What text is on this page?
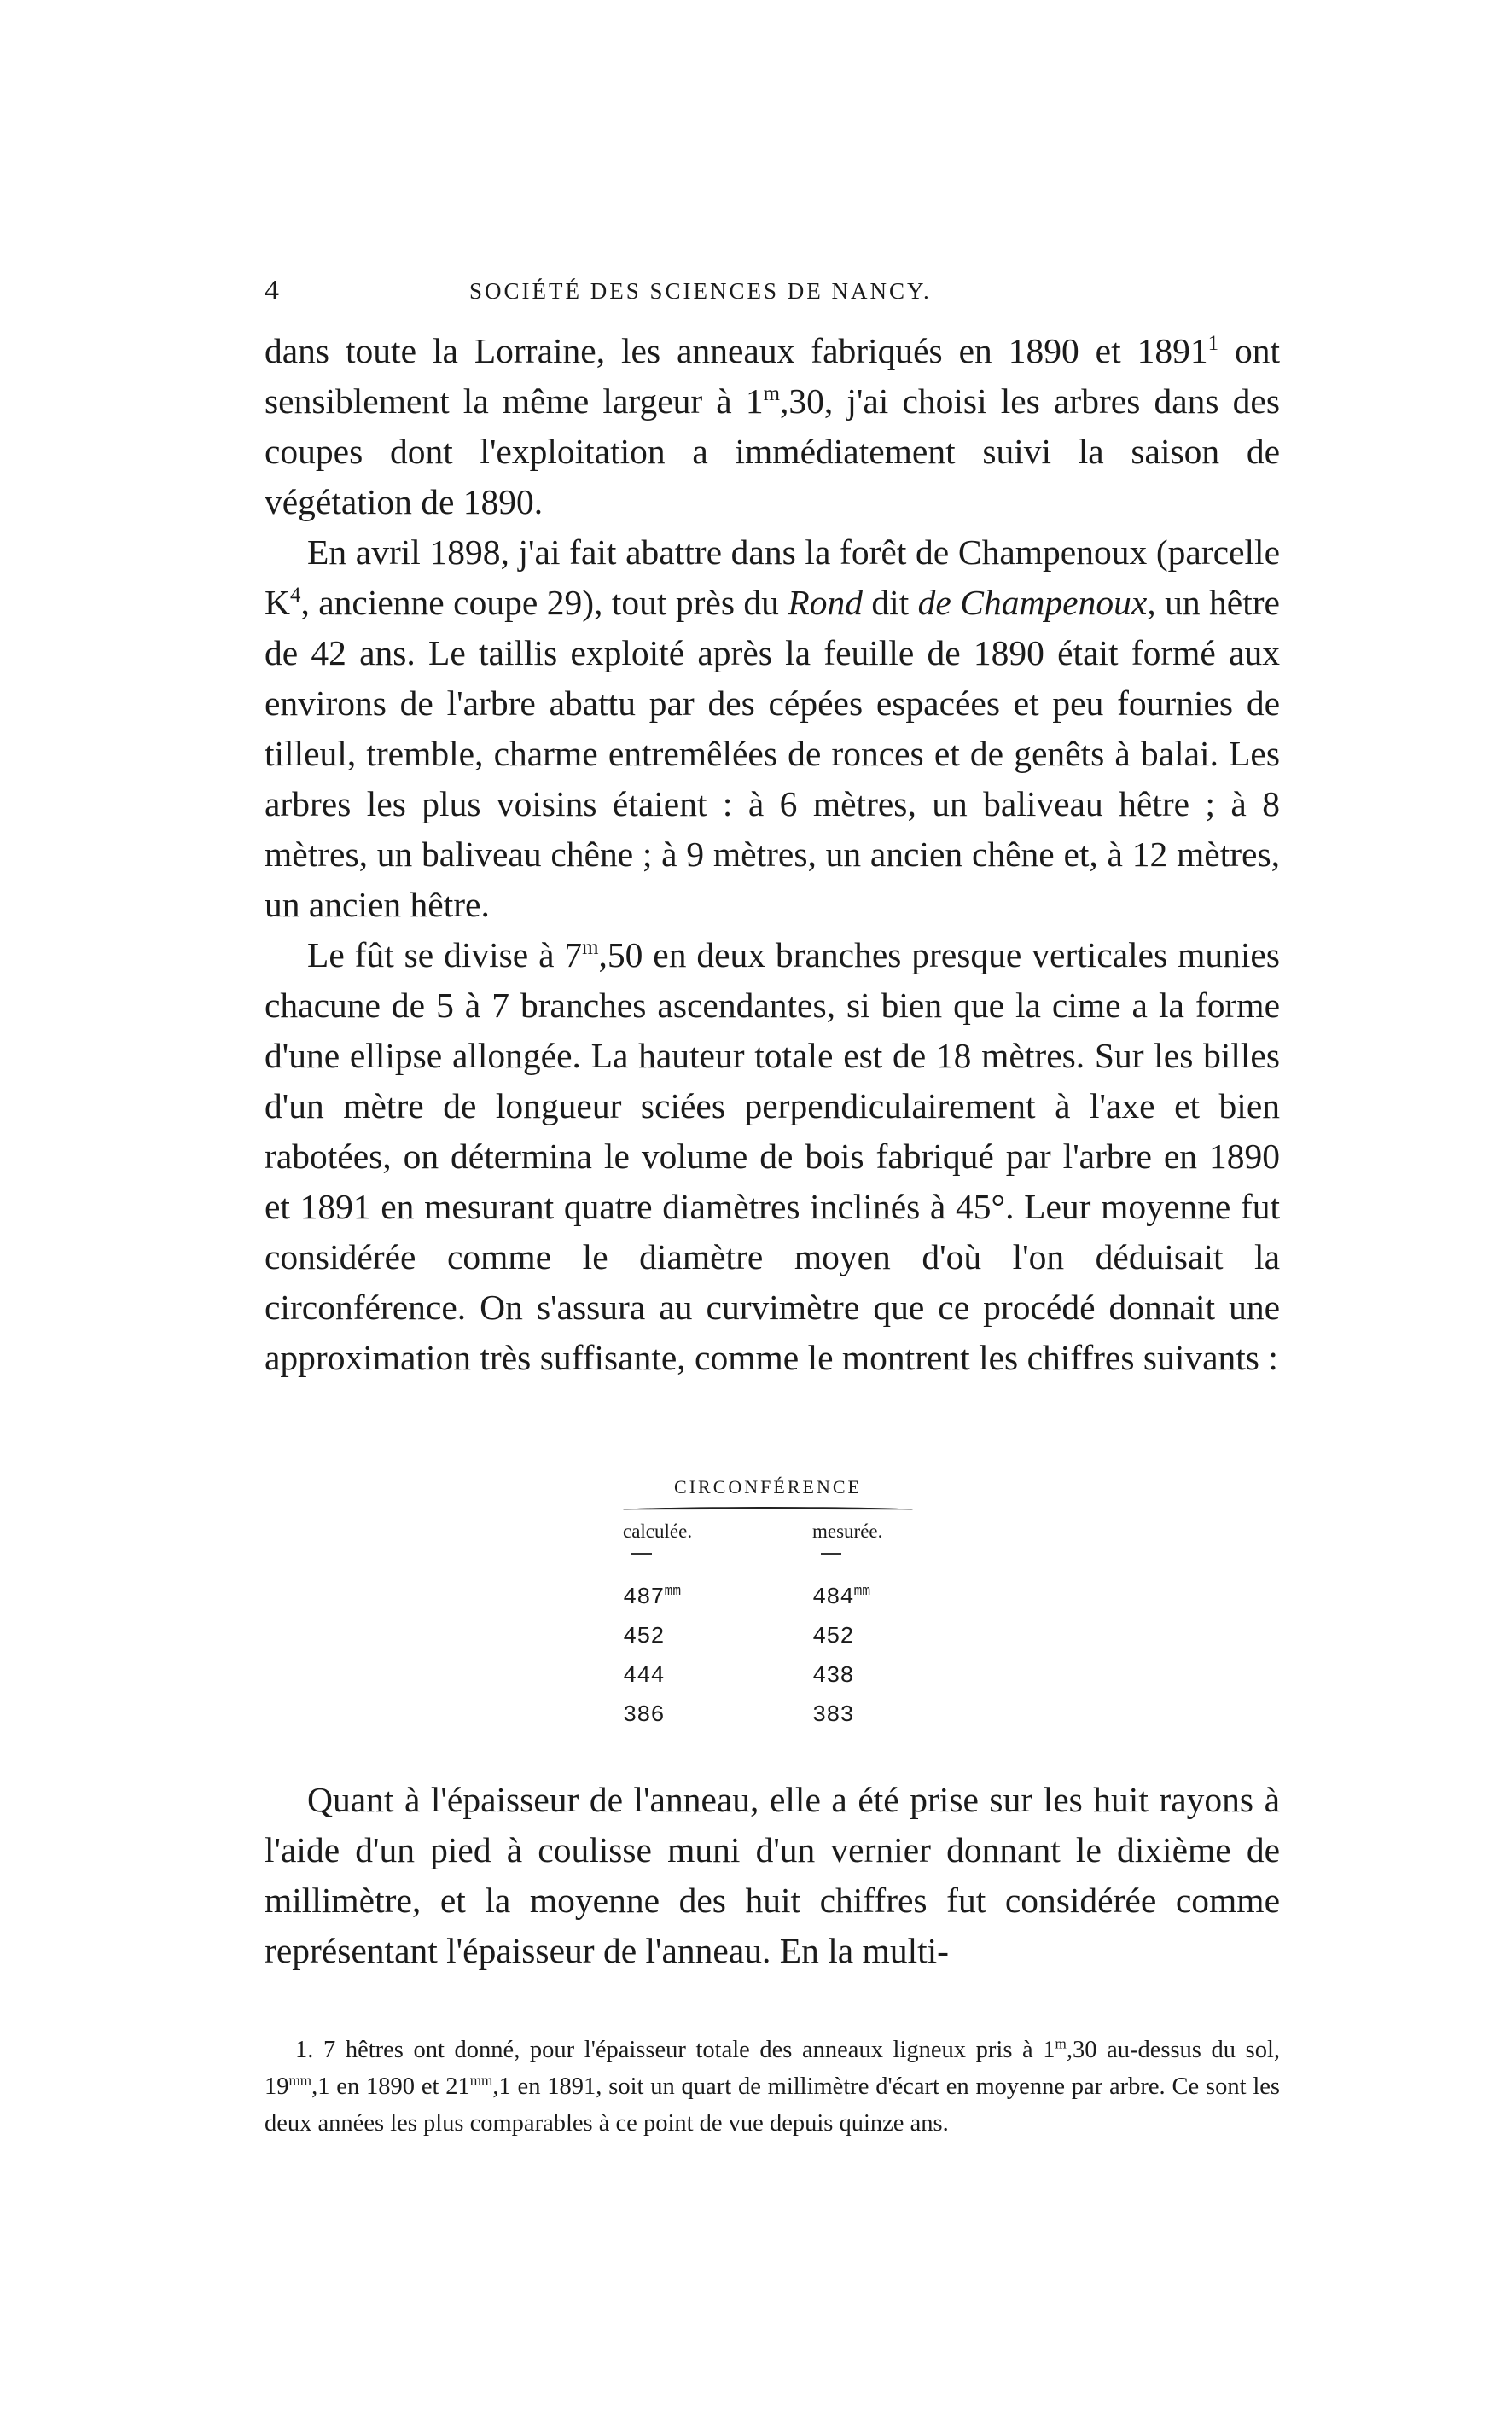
4	SOCIÉTÉ DES SCIENCES DE NANCY.

dans toute la Lorraine, les anneaux fabriqués en 1890 et 1891$^1$ ont sensiblement la même largeur à 1$^m$,30, j'ai choisi les arbres dans des coupes dont l'exploitation a immédiatement suivi la saison de végétation de 1890.

En avril 1898, j'ai fait abattre dans la forêt de Champenoux (parcelle $K^4$, ancienne coupe 29), tout près du Rond dit de Champenoux, un hêtre de 42 ans. Le taillis exploité après la feuille de 1890 était formé aux environs de l'arbre abattu par des cépées espacées et peu fournies de tilleul, tremble, charme entremêlées de ronces et de genêts à balai. Les arbres les plus voisins étaient : à 6 mètres, un baliveau hêtre ; à 8 mètres, un baliveau chêne ; à 9 mètres, un ancien chêne et, à 12 mètres, un ancien hêtre.

Le fût se divise à 7$^m$,50 en deux branches presque verticales munies chacune de 5 à 7 branches ascendantes, si bien que la cime a la forme d'une ellipse allongée. La hauteur totale est de 18 mètres. Sur les billes d'un mètre de longueur sciées perpendiculairement à l'axe et bien rabotées, on détermina le volume de bois fabriqué par l'arbre en 1890 et 1891 en mesurant quatre diamètres inclinés à 45°. Leur moyenne fut considérée comme le diamètre moyen d'où l'on déduisait la circonférence. On s'assura au curvimètre que ce procédé donnait une approximation très suffisante, comme le montrent les chiffres suivants :

CIRCONFÉRENCE
calculée.
$487^{mm}$
452
444
386
mesurée.
$484^{mm}$
452
438
383

Quant à l'épaisseur de l'anneau, elle a été prise sur les huit rayons à l'aide d'un pied à coulisse muni d'un vernier donnant le dixième de millimètre, et la moyenne des huit chiffres fut considérée comme représentant l'épaisseur de l'anneau. En la multi-

1. 7 hêtres ont donné, pour l'épaisseur totale des anneaux ligneux pris à 1$^m$,30 au-dessus du sol, $19^{mm},1$ en 1890 et $21^{mm},1$ en 1891, soit un quart de millimètre d'écart en moyenne par arbre. Ce sont les deux années les plus comparables à ce point de vue depuis quinze ans.
